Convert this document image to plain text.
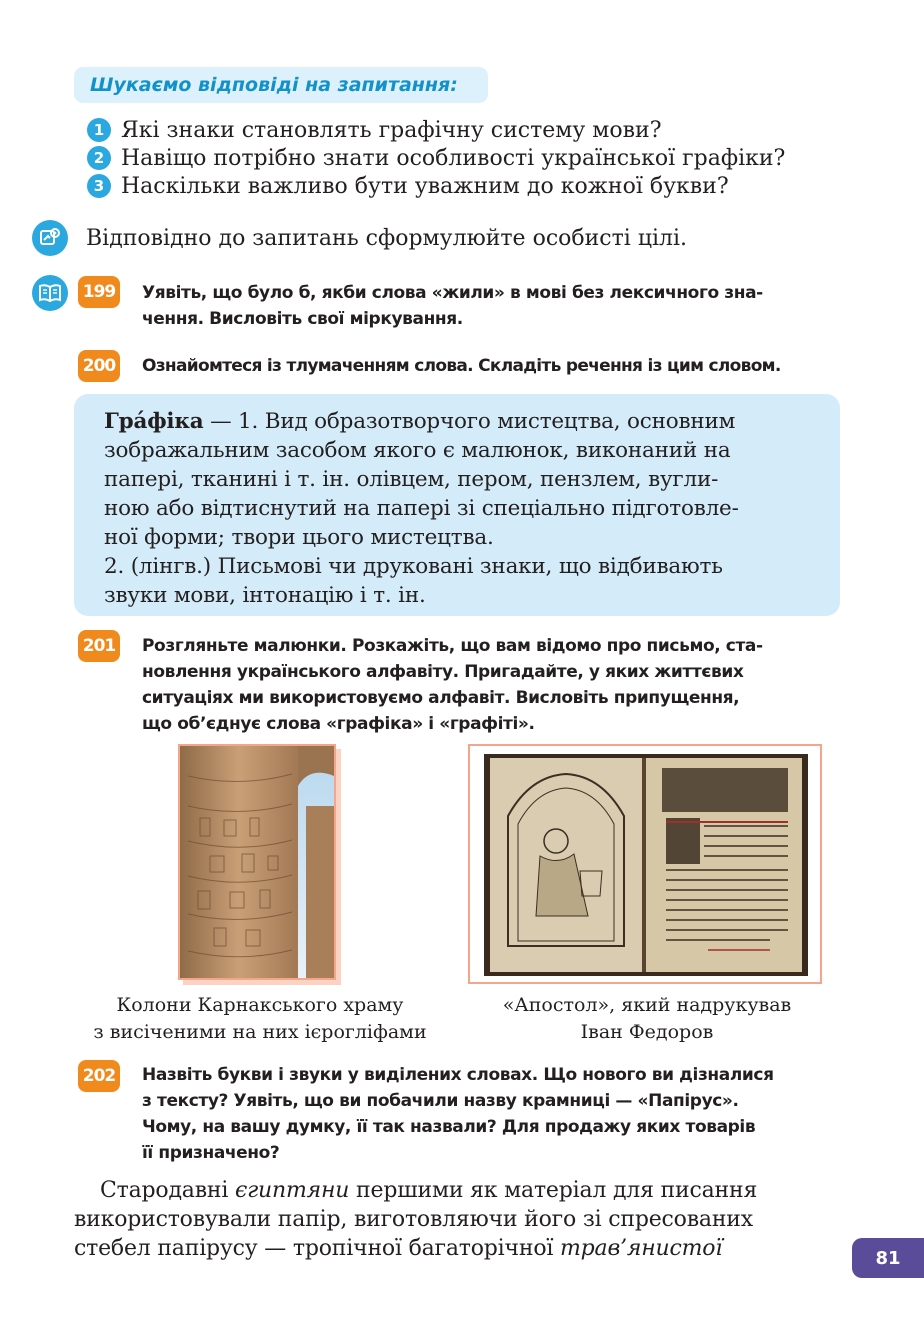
Шукаємо відповіді на запитання:
1 Які знаки становлять графічну систему мови?
2 Навіщо потрібно знати особливості української графіки?
3 Наскільки важливо бути уважним до кожної букви?
Відповідно до запитань сформулюйте особисті цілі.
199 Уявіть, що було б, якби слова «жили» в мові без лексичного зна-
чення. Висловіть свої міркування.
200 Ознайомтеся із тлумаченням слова. Складіть речення із цим словом.

Гра́фіка — 1. Вид образотворчого мистецтва, основним

зображальним засобом якого є малюнок, виконаний на

папері, тканині і т. ін. олівцем, пером, пензлем, вугли-

ною або відтиснутий на папері зі спеціально підготовле-

ної форми; твори цього мистецтва.

2. (лінгв.) Письмові чи друковані знаки, що відбивають

звуки мови, інтонацію і т. ін.

201 Розгляньте малюнки. Розкажіть, що вам відомо про письмо, ста-
новлення українського алфавіту. Пригадайте, у яких життєвих
ситуаціях ми використовуємо алфавіт. Висловіть припущення,
що об’єднує слова «графіка» і «графіті».
Колони Карнакського храму
з висіченими на них ієрогліфами
«Апостол», який надрукував
Іван Федоров
202 Назвіть букви і звуки у виділених словах. Що нового ви дізналися
з тексту? Уявіть, що ви побачили назву крамниці — «Папірус».
Чому, на вашу думку, її так назвали? Для продажу яких товарів
її призначено?
Стародавні єгиптяни першими як матеріал для писання
використовували папір, виготовляючи його зі спресованих
стебел папірусу — тропічної багаторічної трав’янистої	81
